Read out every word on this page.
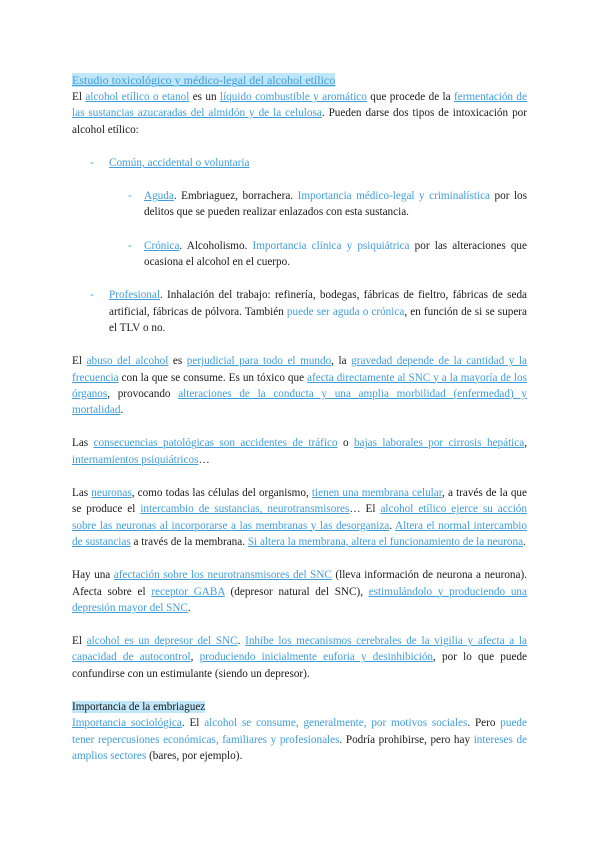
Estudio toxicológico y médico-legal del alcohol etílico

El alcohol etílico o etanol es un líquido combustible y aromático que procede de la fermentación de las sustancias azucaradas del almidón y de la celulosa. Pueden darse dos tipos de intoxicación por alcohol etílico:

- Común, accidental o voluntaria

- Aguda. Embriaguez, borrachera. Importancia médico-legal y criminalística por los delitos que se pueden realizar enlazados con esta sustancia.

- Crónica. Alcoholismo. Importancia clínica y psiquiátrica por las alteraciones que ocasiona el alcohol en el cuerpo.

- Profesional. Inhalación del trabajo: refinería, bodegas, fábricas de fieltro, fábricas de seda artificial, fábricas de pólvora. También puede ser aguda o crónica, en función de si se supera el TLV o no.

El abuso del alcohol es perjudicial para todo el mundo, la gravedad depende de la cantidad y la frecuencia con la que se consume. Es un tóxico que afecta directamente al SNC y a la mayoría de los órganos, provocando alteraciones de la conducta y una amplia morbilidad (enfermedad) y mortalidad.

Las consecuencias patológicas son accidentes de tráfico o bajas laborales por cirrosis hepática, internamientos psiquiátricos…

Las neuronas, como todas las células del organismo, tienen una membrana celular, a través de la que se produce el intercambio de sustancias, neurotransmisores… El alcohol etílico ejerce su acción sobre las neuronas al incorporarse a las membranas y las desorganiza. Altera el normal intercambio de sustancias a través de la membrana. Si altera la membrana, altera el funcionamiento de la neurona.

Hay una afectación sobre los neurotransmisores del SNC (lleva información de neurona a neurona). Afecta sobre el receptor GABA (depresor natural del SNC), estimulándolo y produciendo una depresión mayor del SNC.

El alcohol es un depresor del SNC. Inhibe los mecanismos cerebrales de la vigilia y afecta a la capacidad de autocontrol, produciendo inicialmente euforia y desinhibición, por lo que puede confundirse con un estimulante (siendo un depresor).

Importancia de la embriaguez

Importancia sociológica. El alcohol se consume, generalmente, por motivos sociales. Pero puede tener repercusiones económicas, familiares y profesionales. Podría prohibirse, pero hay intereses de amplios sectores (bares, por ejemplo).
